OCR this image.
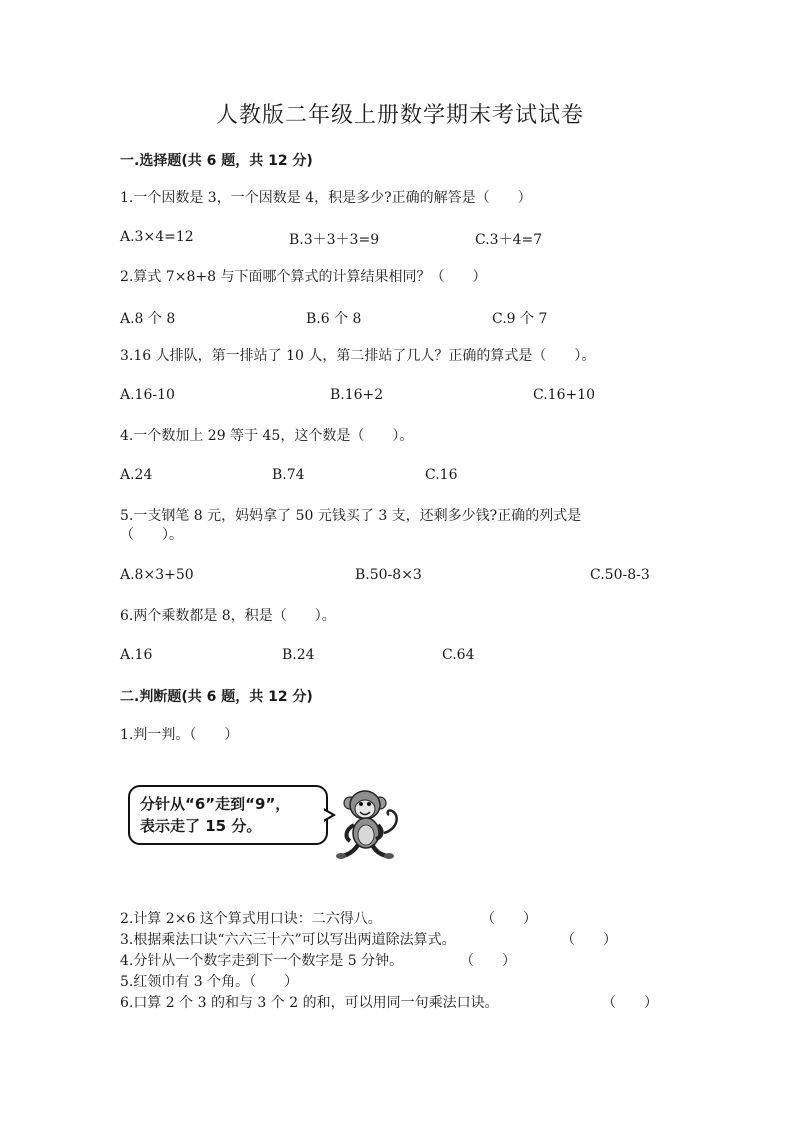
人教版二年级上册数学期末考试试卷
一.选择题(共 6 题，共 12 分)
1.一个因数是 3，一个因数是 4，积是多少?正确的解答是（　　）
A.3×4=12	B.3＋3＋3=9	C.3＋4=7
2.算式 7×8+8 与下面哪个算式的计算结果相同？（　　）
A.8 个 8	B.6 个 8	C.9 个 7
3.16 人排队，第一排站了 10 人，第二排站了几人？正确的算式是（　　）。
A.16-10	B.16+2	C.16+10
4.一个数加上 29 等于 45，这个数是（　　）。
A.24	B.74	C.16
5.一支钢笔 8 元，妈妈拿了 50 元钱买了 3 支，还剩多少钱?正确的列式是
（　　）。
A.8×3+50	B.50-8×3	C.50-8-3
6.两个乘数都是 8，积是（　　）。
A.16	B.24	C.64
二.判断题(共 6 题，共 12 分)
1.判一判。（　　）
分针从“6”走到“9”，
表示走了 15 分。
2.计算 2×6 这个算式用口诀：二六得八。	（　　）
3.根据乘法口诀“六六三十六”可以写出两道除法算式。	（　　）
4.分针从一个数字走到下一个数字是 5 分钟。	（　　）
5.红领巾有 3 个角。（　　）
6.口算 2 个 3 的和与 3 个 2 的和，可以用同一句乘法口诀。	（　　）
